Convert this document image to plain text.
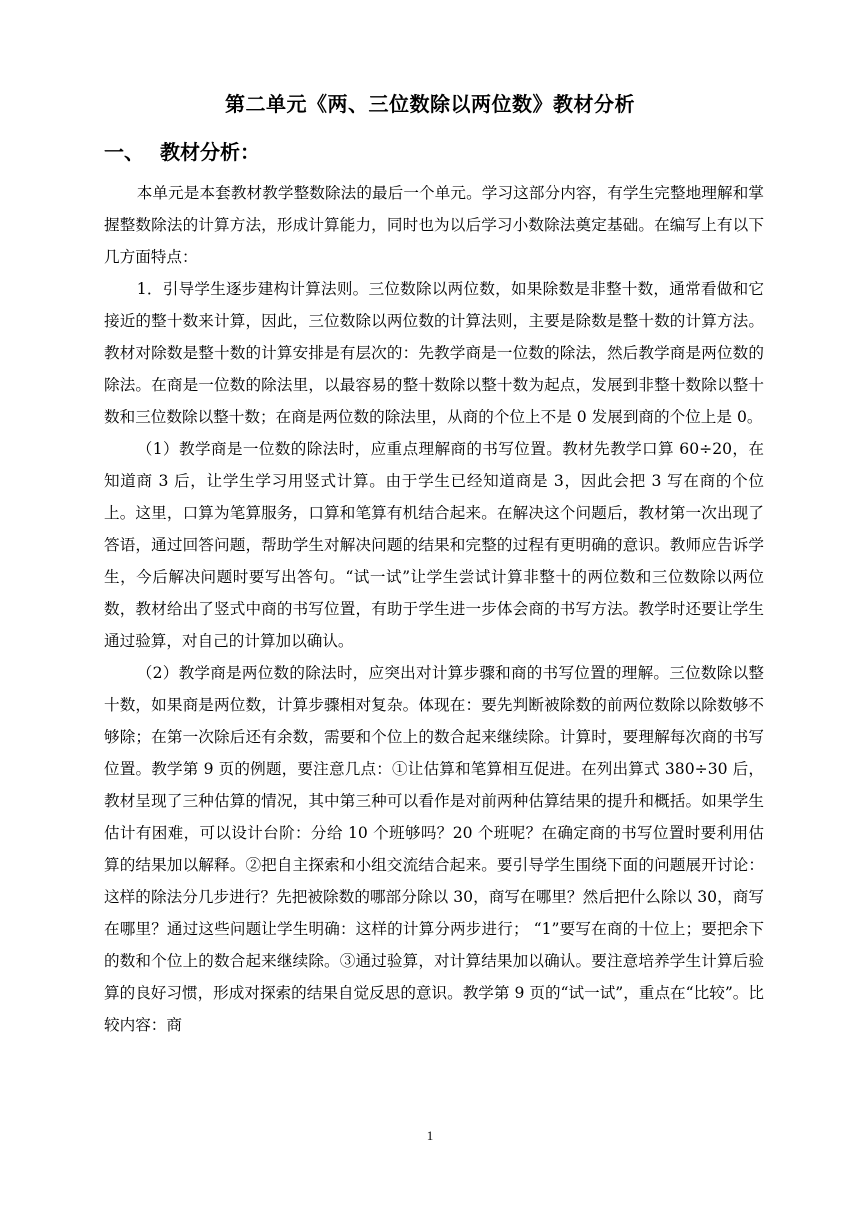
第二单元《两、三位数除以两位数》教材分析
一、 教材分析：

本单元是本套教材教学整数除法的最后一个单元。学习这部分内容，有学生完整地理解和掌握整数除法的计算方法，形成计算能力，同时也为以后学习小数除法奠定基础。在编写上有以下几方面特点：

1．引导学生逐步建构计算法则。三位数除以两位数，如果除数是非整十数，通常看做和它接近的整十数来计算，因此，三位数除以两位数的计算法则，主要是除数是整十数的计算方法。教材对除数是整十数的计算安排是有层次的：先教学商是一位数的除法，然后教学商是两位数的除法。在商是一位数的除法里，以最容易的整十数除以整十数为起点，发展到非整十数除以整十数和三位数除以整十数；在商是两位数的除法里，从商的个位上不是 0 发展到商的个位上是 0。

（1）教学商是一位数的除法时，应重点理解商的书写位置。教材先教学口算 60÷20，在知道商 3 后，让学生学习用竖式计算。由于学生已经知道商是 3，因此会把 3 写在商的个位上。这里，口算为笔算服务，口算和笔算有机结合起来。在解决这个问题后，教材第一次出现了答语，通过回答问题，帮助学生对解决问题的结果和完整的过程有更明确的意识。教师应告诉学生，今后解决问题时要写出答句。“试一试”让学生尝试计算非整十的两位数和三位数除以两位数，教材给出了竖式中商的书写位置，有助于学生进一步体会商的书写方法。教学时还要让学生通过验算，对自己的计算加以确认。

（2）教学商是两位数的除法时，应突出对计算步骤和商的书写位置的理解。三位数除以整十数，如果商是两位数，计算步骤相对复杂。体现在：要先判断被除数的前两位数除以除数够不够除；在第一次除后还有余数，需要和个位上的数合起来继续除。计算时，要理解每次商的书写位置。教学第 9 页的例题，要注意几点：①让估算和笔算相互促进。在列出算式 380÷30 后，教材呈现了三种估算的情况，其中第三种可以看作是对前两种估算结果的提升和概括。如果学生估计有困难，可以设计台阶：分给 10 个班够吗？20 个班呢？在确定商的书写位置时要利用估算的结果加以解释。②把自主探索和小组交流结合起来。要引导学生围绕下面的问题展开讨论：这样的除法分几步进行？先把被除数的哪部分除以 30，商写在哪里？然后把什么除以 30，商写在哪里？通过这些问题让学生明确：这样的计算分两步进行； “1”要写在商的十位上；要把余下的数和个位上的数合起来继续除。③通过验算，对计算结果加以确认。要注意培养学生计算后验算的良好习惯，形成对探索的结果自觉反思的意识。教学第 9 页的“试一试”，重点在“比较”。比较内容：商

1
